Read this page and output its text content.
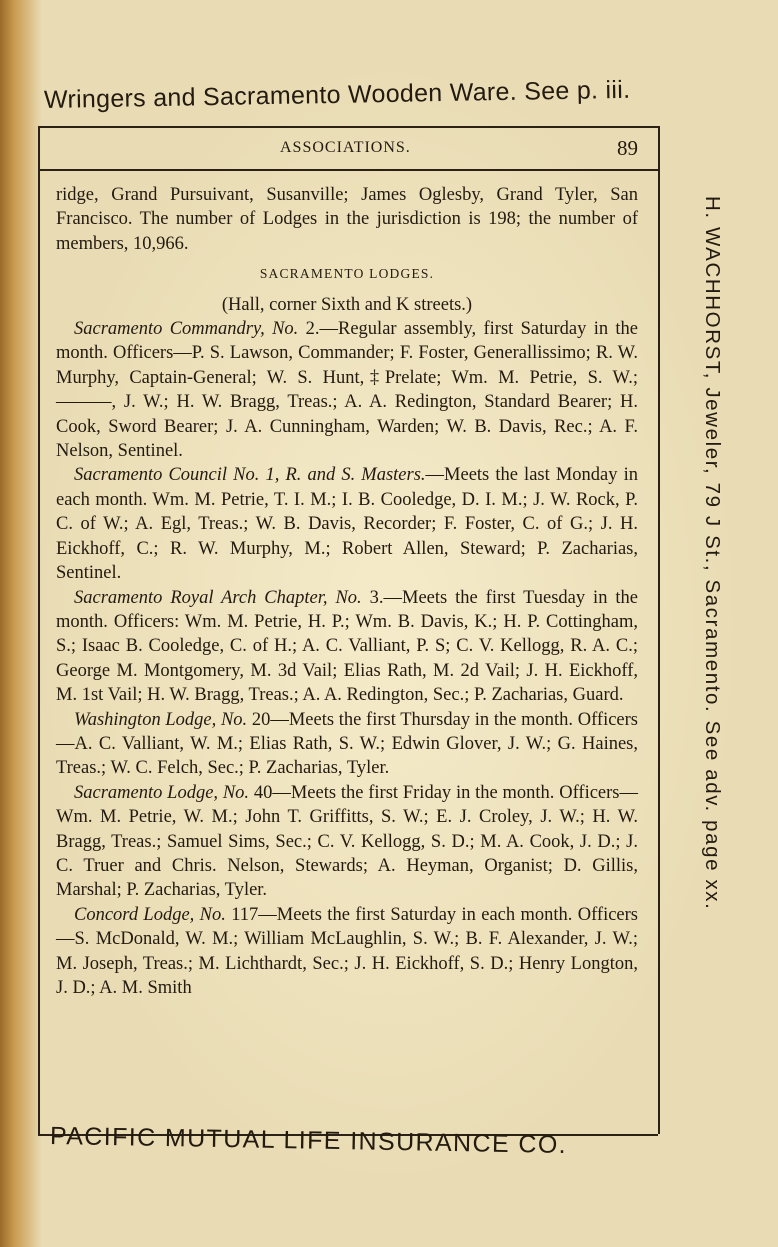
Wringers and Sacramento Wooden Ware. See p. iii.
ASSOCIATIONS.	89

ridge, Grand Pursuivant, Susanville; James Oglesby, Grand Tyler, San Francisco. The number of Lodges in the jurisdiction is 198; the number of members, 10,966.

SACRAMENTO LODGES.

(Hall, corner Sixth and K streets.)

Sacramento Commandry, No. 2.—Regular assembly, first Saturday in the month. Officers—P. S. Lawson, Commander; F. Foster, Generallissimo; R. W. Murphy, Captain-General; W. S. Hunt,‡Prelate; Wm. M. Petrie, S. W.; ———, J. W.; H. W. Bragg, Treas.; A. A. Redington, Standard Bearer; H. Cook, Sword Bearer; J. A. Cunningham, Warden; W. B. Davis, Rec.; A. F. Nelson, Sentinel.

Sacramento Council No. 1, R. and S. Masters.—Meets the last Monday in each month. Wm. M. Petrie, T. I. M.; I. B. Cooledge, D. I. M.; J. W. Rock, P. C. of W.; A. Egl, Treas.; W. B. Davis, Recorder; F. Foster, C. of G.; J. H. Eickhoff, C.; R. W. Murphy, M.; Robert Allen, Steward; P. Zacharias, Sentinel.

Sacramento Royal Arch Chapter, No. 3.—Meets the first Tuesday in the month. Officers: Wm. M. Petrie, H. P.; Wm. B. Davis, K.; H. P. Cottingham, S.; Isaac B. Cooledge, C. of H.; A. C. Valliant, P. S; C. V. Kellogg, R. A. C.; George M. Montgomery, M. 3d Vail; Elias Rath, M. 2d Vail; J. H. Eickhoff, M. 1st Vail; H. W. Bragg, Treas.; A. A. Redington, Sec.; P. Zacharias, Guard.

Washington Lodge, No. 20—Meets the first Thursday in the month. Officers—A. C. Valliant, W. M.; Elias Rath, S. W.; Edwin Glover, J. W.; G. Haines, Treas.; W. C. Felch, Sec.; P. Zacharias, Tyler.

Sacramento Lodge, No. 40—Meets the first Friday in the month. Officers—Wm. M. Petrie, W. M.; John T. Griffitts, S. W.; E. J. Croley, J. W.; H. W. Bragg, Treas.; Samuel Sims, Sec.; C. V. Kellogg, S. D.; M. A. Cook, J. D.; J. C. Truer and Chris. Nelson, Stewards; A. Heyman, Organist; D. Gillis, Marshal; P. Zacharias, Tyler.

Concord Lodge, No. 117—Meets the first Saturday in each month. Officers—S. McDonald, W. M.; William McLaughlin, S. W.; B. F. Alexander, J. W.; M. Joseph, Treas.; M. Lichthardt, Sec.; J. H. Eickhoff, S. D.; Henry Longton, J. D.; A. M. Smith

H. WACHHORST, Jeweler, 79 J St., Sacramento. See adv. page xx.
PACIFIC MUTUAL LIFE INSURANCE CO.
